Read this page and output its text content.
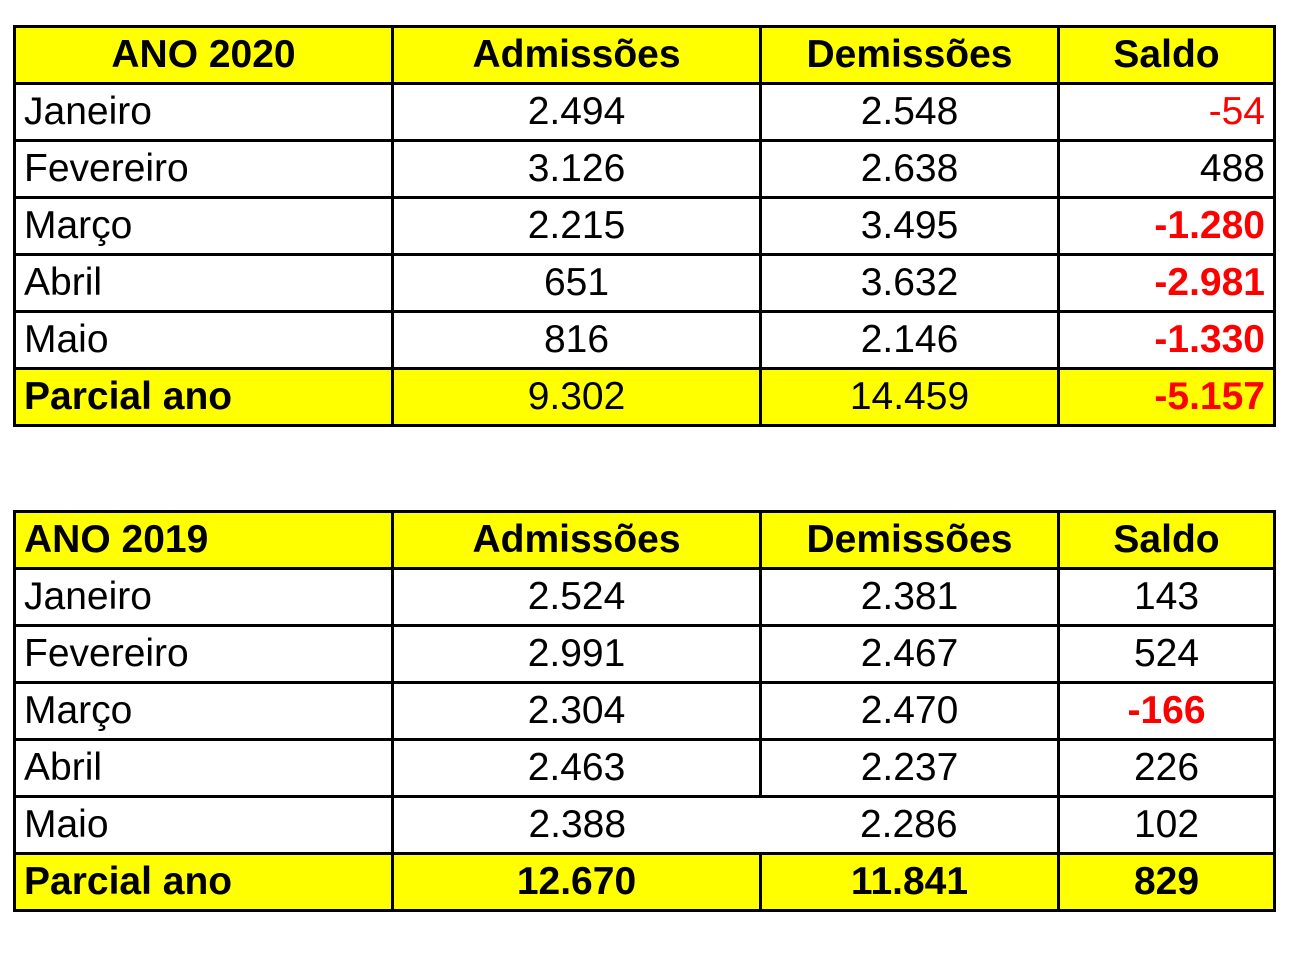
ANO 2020	Admissões	Demissões	Saldo
Janeiro	2.494	2.548	-54
Fevereiro	3.126	2.638	488
Março	2.215	3.495	-1.280
Abril	651	3.632	-2.981
Maio	816	2.146	-1.330
Parcial ano	9.302	14.459	-5.157
ANO 2019	Admissões	Demissões	Saldo
Janeiro	2.524	2.381	143
Fevereiro	2.991	2.467	524
Março	2.304	2.470	-166
Abril	2.463	2.237	226
Maio	2.388	2.286	102
Parcial ano	12.670	11.841	829
